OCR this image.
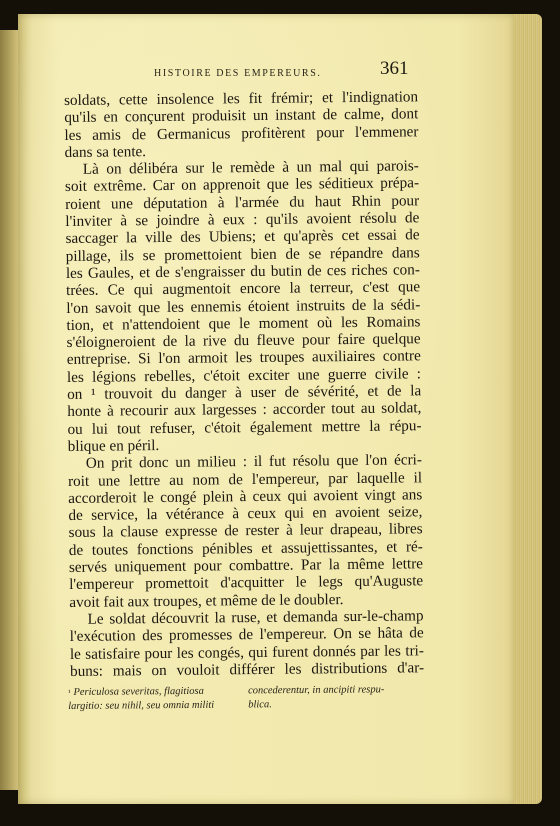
HISTOIRE DES EMPEREURS.	361
soldats, cette insolence les fit frémir; et l'indignation
qu'ils en conçurent produisit un instant de calme, dont
les amis de Germanicus profitèrent pour l'emmener
dans sa tente.
Là on délibéra sur le remède à un mal qui parois-
soit extrême. Car on apprenoit que les séditieux prépa-
roient une députation à l'armée du haut Rhin pour
l'inviter à se joindre à eux : qu'ils avoient résolu de
saccager la ville des Ubiens; et qu'après cet essai de
pillage, ils se promettoient bien de se répandre dans
les Gaules, et de s'engraisser du butin de ces riches con-
trées. Ce qui augmentoit encore la terreur, c'est que
l'on savoit que les ennemis étoient instruits de la sédi-
tion, et n'attendoient que le moment où les Romains
s'éloigneroient de la rive du fleuve pour faire quelque
entreprise. Si l'on armoit les troupes auxiliaires contre
les légions rebelles, c'étoit exciter une guerre civile :
on ¹ trouvoit du danger à user de sévérité, et de la
honte à recourir aux largesses : accorder tout au soldat,
ou lui tout refuser, c'étoit également mettre la répu-
blique en péril.
On prit donc un milieu : il fut résolu que l'on écri-
roit une lettre au nom de l'empereur, par laquelle il
accorderoit le congé plein à ceux qui avoient vingt ans
de service, la vétérance à ceux qui en avoient seize,
sous la clause expresse de rester à leur drapeau, libres
de toutes fonctions pénibles et assujettissantes, et ré-
servés uniquement pour combattre. Par la même lettre
l'empereur promettoit d'acquitter le legs qu'Auguste
avoit fait aux troupes, et même de le doubler.
Le soldat découvrit la ruse, et demanda sur-le-champ
l'exécution des promesses de l'empereur. On se hâta de
le satisfaire pour les congés, qui furent donnés par les tri-
buns: mais on vouloit différer les distributions d'ar-
$^{^1}$ Periculosa severitas, flagitiosa
largitio: seu nihil, seu omnia militi
concederentur, in ancipiti respu-
blica.
